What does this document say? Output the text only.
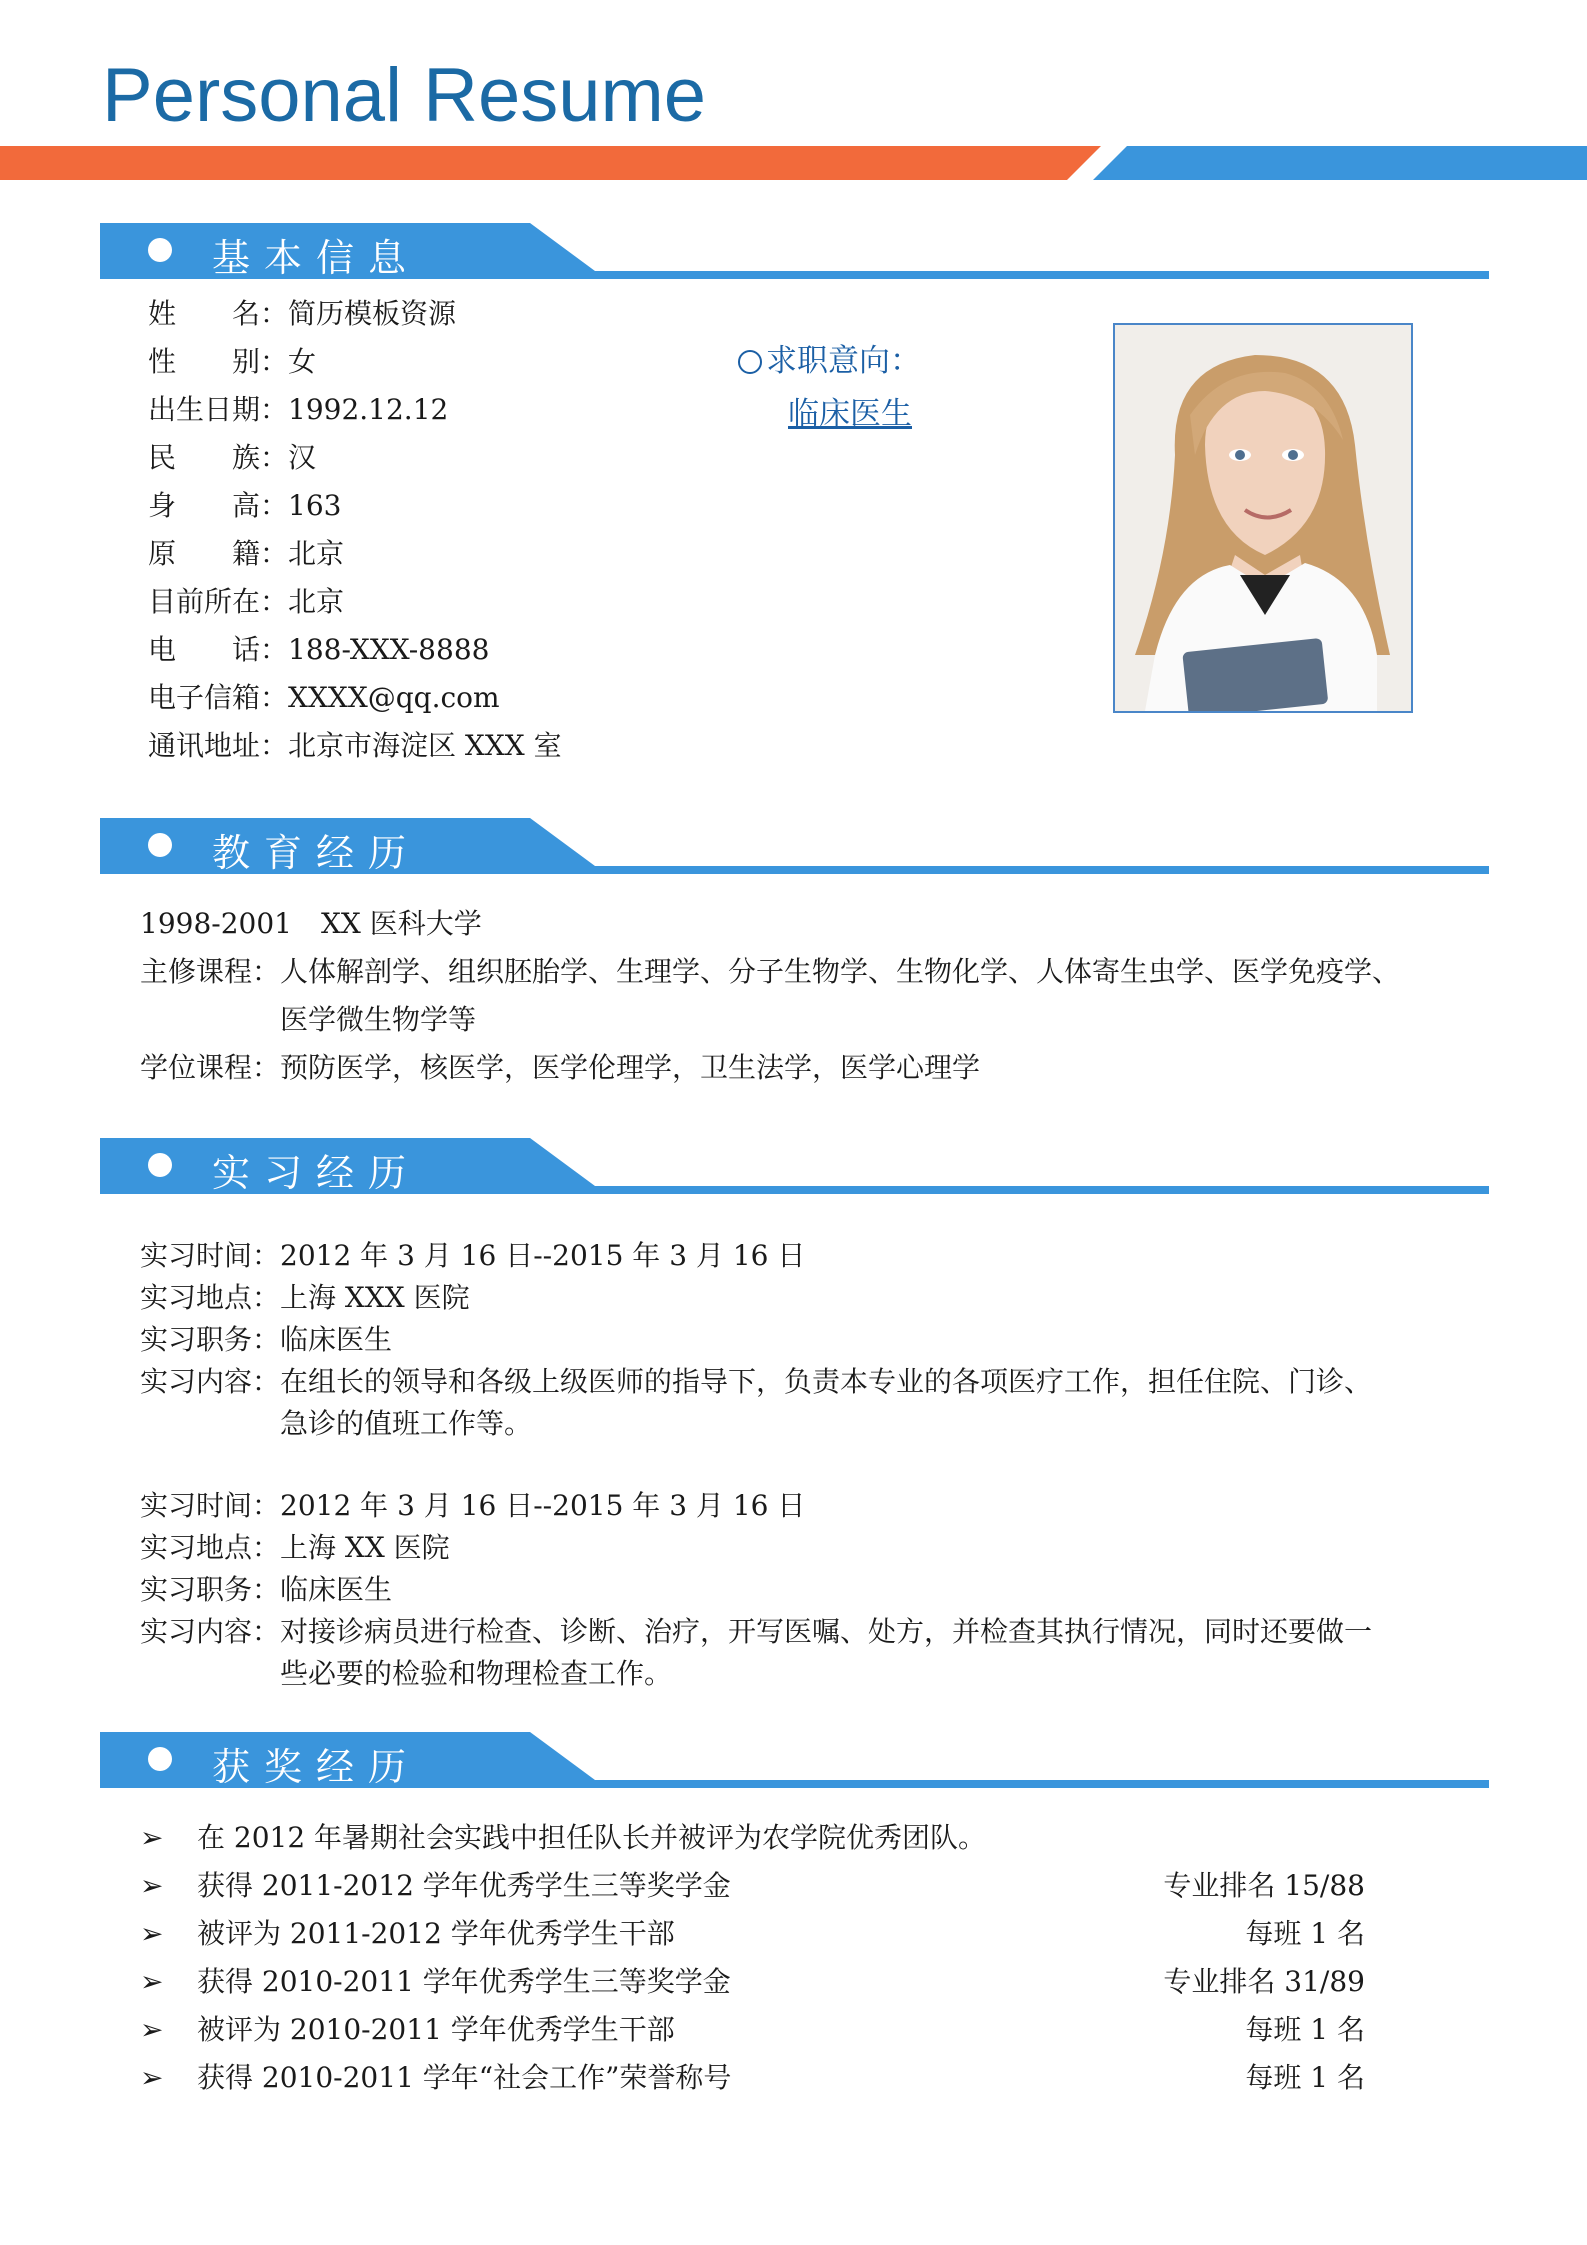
Personal Resume
基本信息
姓 名：简历模板资源
性 别：女
出生日期：1992.12.12
民 族：汉
身 高：163
原 籍：北京
目前所在：北京
电 话：188-XXX-8888
电子信箱：XXXX@qq.com
通讯地址：北京市海淀区 XXX 室
求职意向：
临床医生
教育经历
1998-2001 XX 医科大学
主修课程：人体解剖学、组织胚胎学、生理学、分子生物学、生物化学、人体寄生虫学、医学免疫学、
医学微生物学等
学位课程：预防医学，核医学，医学伦理学，卫生法学，医学心理学
实习经历
实习时间：2012 年 3 月 16 日--2015 年 3 月 16 日
实习地点：上海 XXX 医院
实习职务：临床医生
实习内容：在组长的领导和各级上级医师的指导下，负责本专业的各项医疗工作，担任住院、门诊、
急诊的值班工作等。
实习时间：2012 年 3 月 16 日--2015 年 3 月 16 日
实习地点：上海 XX 医院
实习职务：临床医生
实习内容：对接诊病员进行检查、诊断、治疗，开写医嘱、处方，并检查其执行情况，同时还要做一
些必要的检验和物理检查工作。
获奖经历
➢ 在 2012 年暑期社会实践中担任队长并被评为农学院优秀团队。
➢ 获得 2011-2012 学年优秀学生三等奖学金	专业排名 15/88
➢ 被评为 2011-2012 学年优秀学生干部	每班 1 名
➢ 获得 2010-2011 学年优秀学生三等奖学金	专业排名 31/89
➢ 被评为 2010-2011 学年优秀学生干部	每班 1 名
➢ 获得 2010-2011 学年“社会工作”荣誉称号	每班 1 名
